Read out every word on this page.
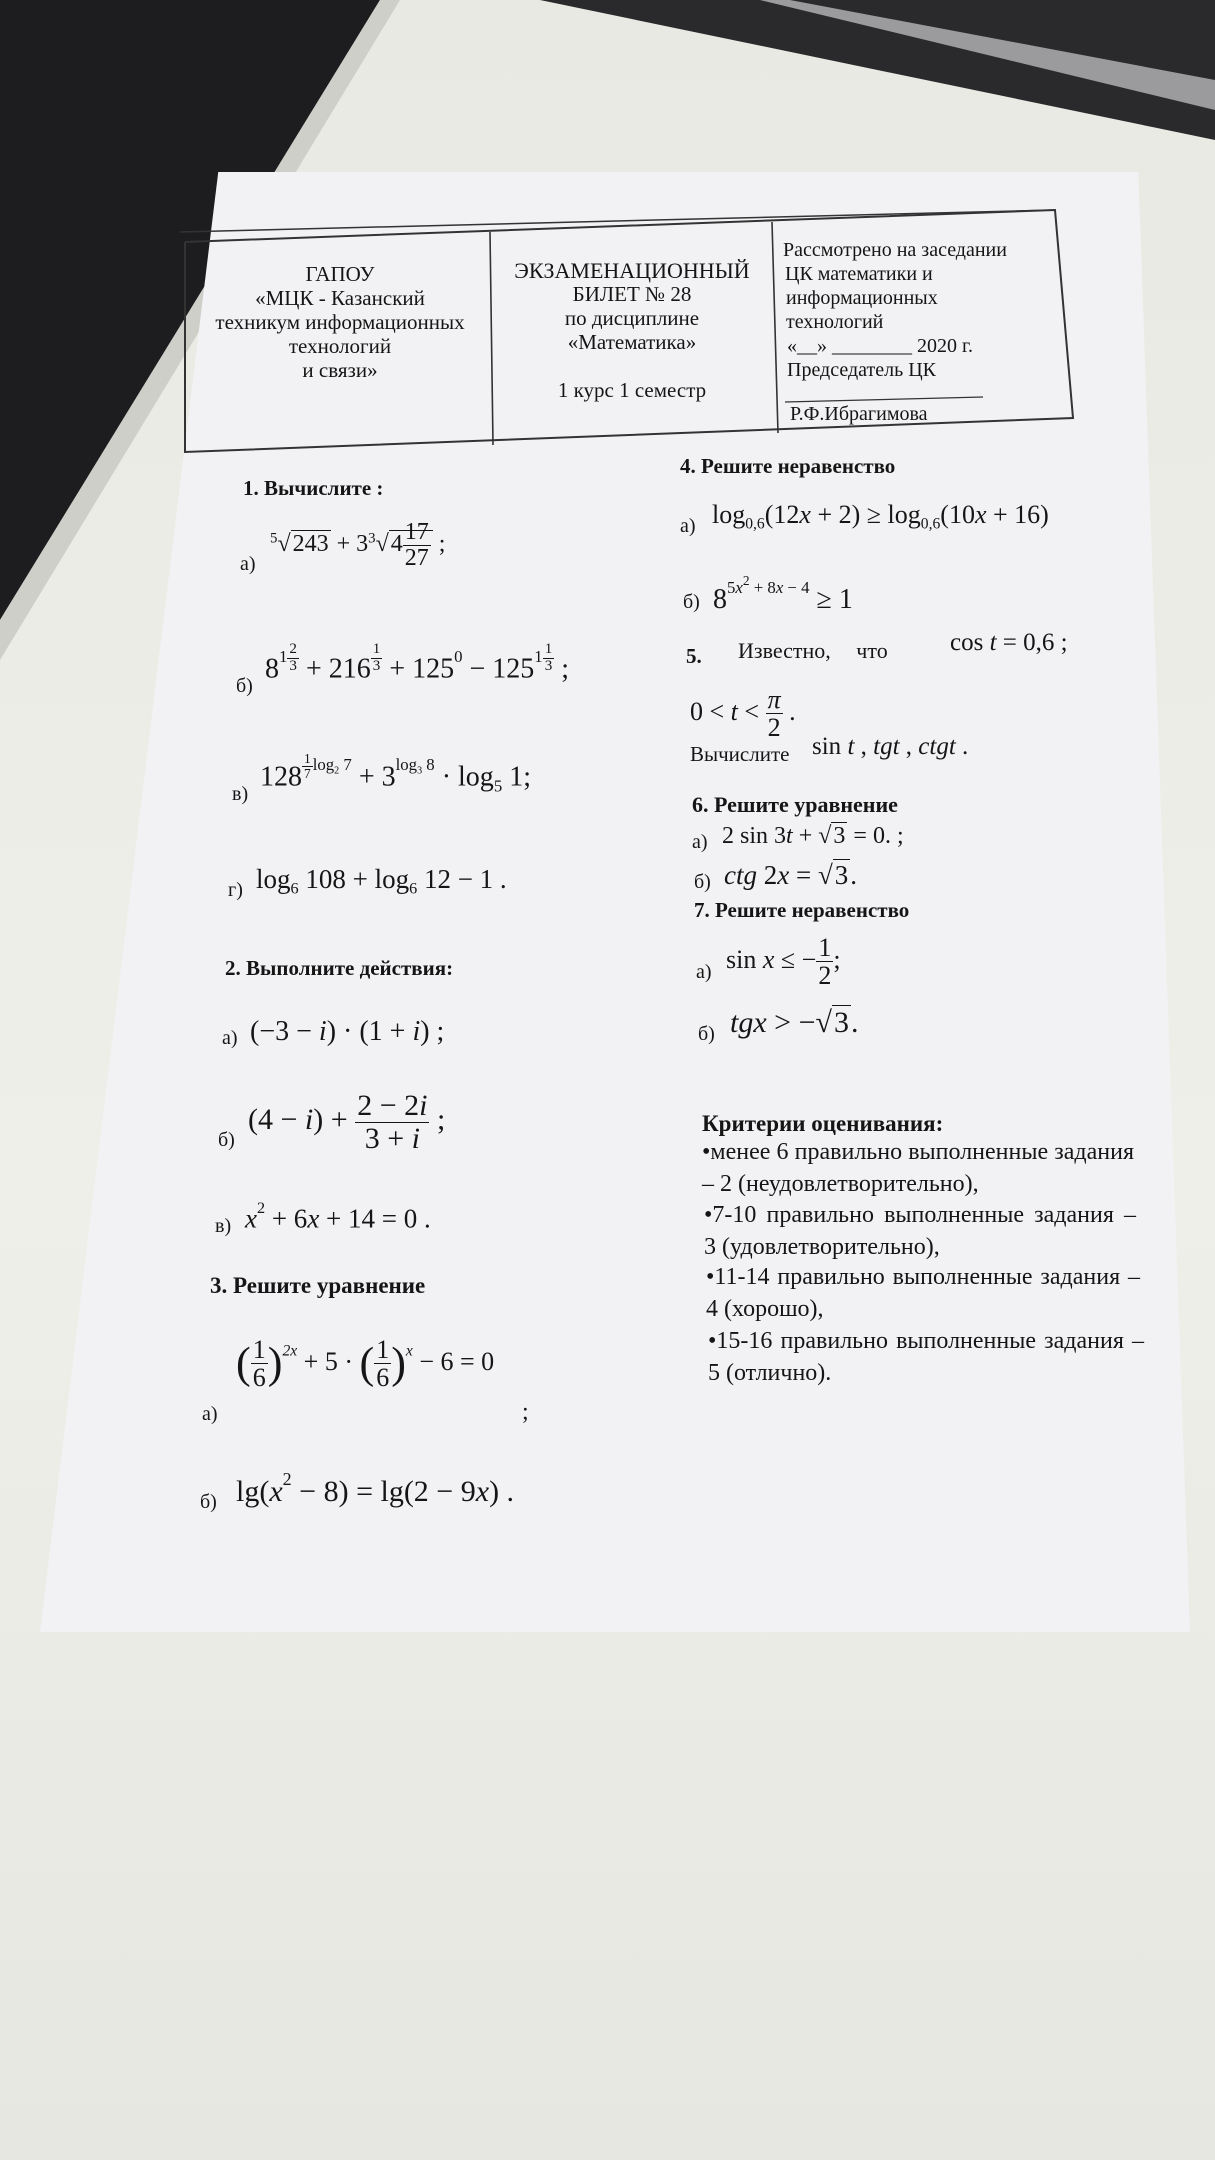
ГАПОУ
«МЦК - Казанский
техникум информационных
технологий
и связи»
ЭКЗАМЕНАЦИОННЫЙ
БИЛЕТ № 28
по дисциплине
«Математика»
1 курс 1 семестр
Рассмотрено на заседании
ЦК математики и
информационных
технологий
«__» ________ 2020 г.
Председатель ЦК
Р.Ф.Ибрагимова
1. Вычислите :
а)
$^5√243 + 3^3√4 \frac{17}{27}$ ;
б)
$8^{1 \frac{2}{3}} + 216$ $^{\frac{1}{3}} + 125^0 - 125^{1 \frac{1}{3}}$ ;
в)
128 $^{\frac{1}{7} log_2 7} + 3^{log_3 8} \cdot \log_5 1$;
г) $\log_6 108 + \log_6 12 - 1$ .
2. Выполните действия:
а) (−3 − i) · (1 + i) ;
б)
$(4 - i) + \frac{2 - 2i}{3 + i}$ ;
в) $x^2 + 6x + 14 = 0$ .
3. Решите уравнение
а)
( $\frac{1}{6} )^{2x} + 5$ · ( $\frac{1}{6} )^x - 6 = 0$
;
б) $\lg(x^2 - 8) = \lg(2 - 9x)$ .
4. Решите неравенство
а) $\log_{0,6}(12x + 2) \ge \log_{0,6}(10x + 16)$
б) $8^{5x^2 + 8x - 4} \ge 1$
5. Известно, что cos t = 0,6 ;
$0 < t < \frac{\pi}{2}$ .
Вычислите sin t , tgt , ctgt .
6. Решите уравнение
а) 2 sin 3t + √3 = 0. ;
б) ctg 2x = √3.
7. Решите неравенство
а) sin x ≤ − $\frac{1}{2}$ ;
б) tgx > −√3.
Критерии оценивания:
•менее 6 правильно выполненные задания – 2 (неудовлетворительно),
•7-10 правильно выполненные задания – 3 (удовлетворительно),
•11-14 правильно выполненные задания – 4 (хорошо),
•15-16 правильно выполненные задания – 5 (отлично).
